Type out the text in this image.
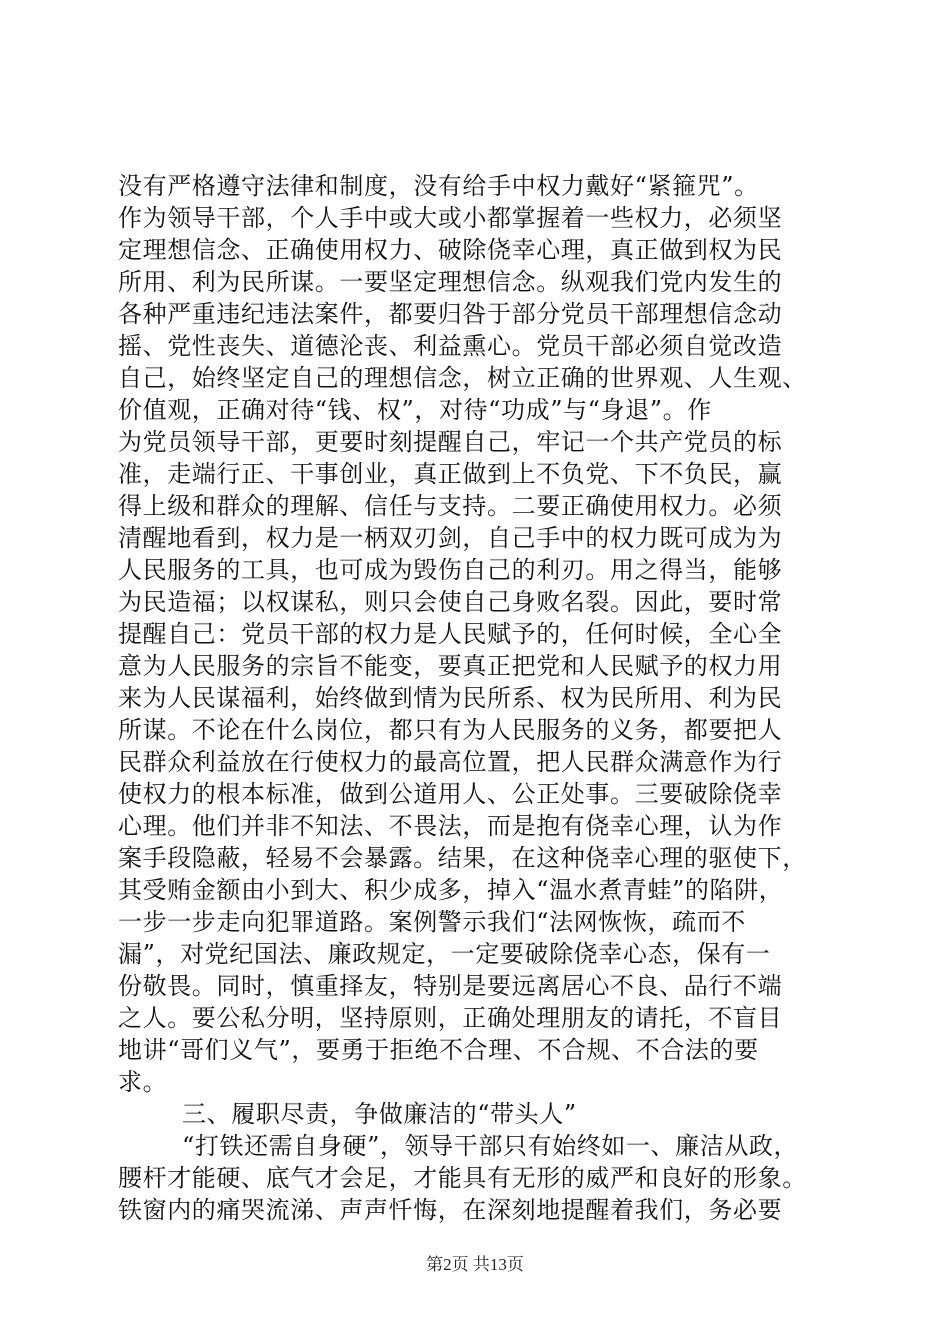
没有严格遵守法律和制度，没有给手中权力戴好“紧箍咒”。
作为领导干部，个人手中或大或小都掌握着一些权力，必须坚
定理想信念、正确使用权力、破除侥幸心理，真正做到权为民
所用、利为民所谋。一要坚定理想信念。纵观我们党内发生的
各种严重违纪违法案件，都要归咎于部分党员干部理想信念动
摇、党性丧失、道德沦丧、利益熏心。党员干部必须自觉改造
自己，始终坚定自己的理想信念，树立正确的世界观、人生观、
价值观，正确对待“钱、权”，对待“功成”与“身退”。作
为党员领导干部，更要时刻提醒自己，牢记一个共产党员的标
准，走端行正、干事创业，真正做到上不负党、下不负民，赢
得上级和群众的理解、信任与支持。二要正确使用权力。必须
清醒地看到，权力是一柄双刃剑，自己手中的权力既可成为为
人民服务的工具，也可成为毁伤自己的利刃。用之得当，能够
为民造福；以权谋私，则只会使自己身败名裂。因此，要时常
提醒自己：党员干部的权力是人民赋予的，任何时候，全心全
意为人民服务的宗旨不能变，要真正把党和人民赋予的权力用
来为人民谋福利，始终做到情为民所系、权为民所用、利为民
所谋。不论在什么岗位，都只有为人民服务的义务，都要把人
民群众利益放在行使权力的最高位置，把人民群众满意作为行
使权力的根本标准，做到公道用人、公正处事。三要破除侥幸
心理。他们并非不知法、不畏法，而是抱有侥幸心理，认为作
案手段隐蔽，轻易不会暴露。结果，在这种侥幸心理的驱使下，
其受贿金额由小到大、积少成多，掉入“温水煮青蛙”的陷阱，
一步一步走向犯罪道路。案例警示我们“法网恢恢，疏而不
漏”，对党纪国法、廉政规定，一定要破除侥幸心态，保有一
份敬畏。同时，慎重择友，特别是要远离居心不良、品行不端
之人。要公私分明，坚持原则，正确处理朋友的请托，不盲目
地讲“哥们义气”，要勇于拒绝不合理、不合规、不合法的要
求。
三、履职尽责，争做廉洁的“带头人”
“打铁还需自身硬”，领导干部只有始终如一、廉洁从政，
腰杆才能硬、底气才会足，才能具有无形的威严和良好的形象。
铁窗内的痛哭流涕、声声忏悔，在深刻地提醒着我们，务必要
第2页 共13页
